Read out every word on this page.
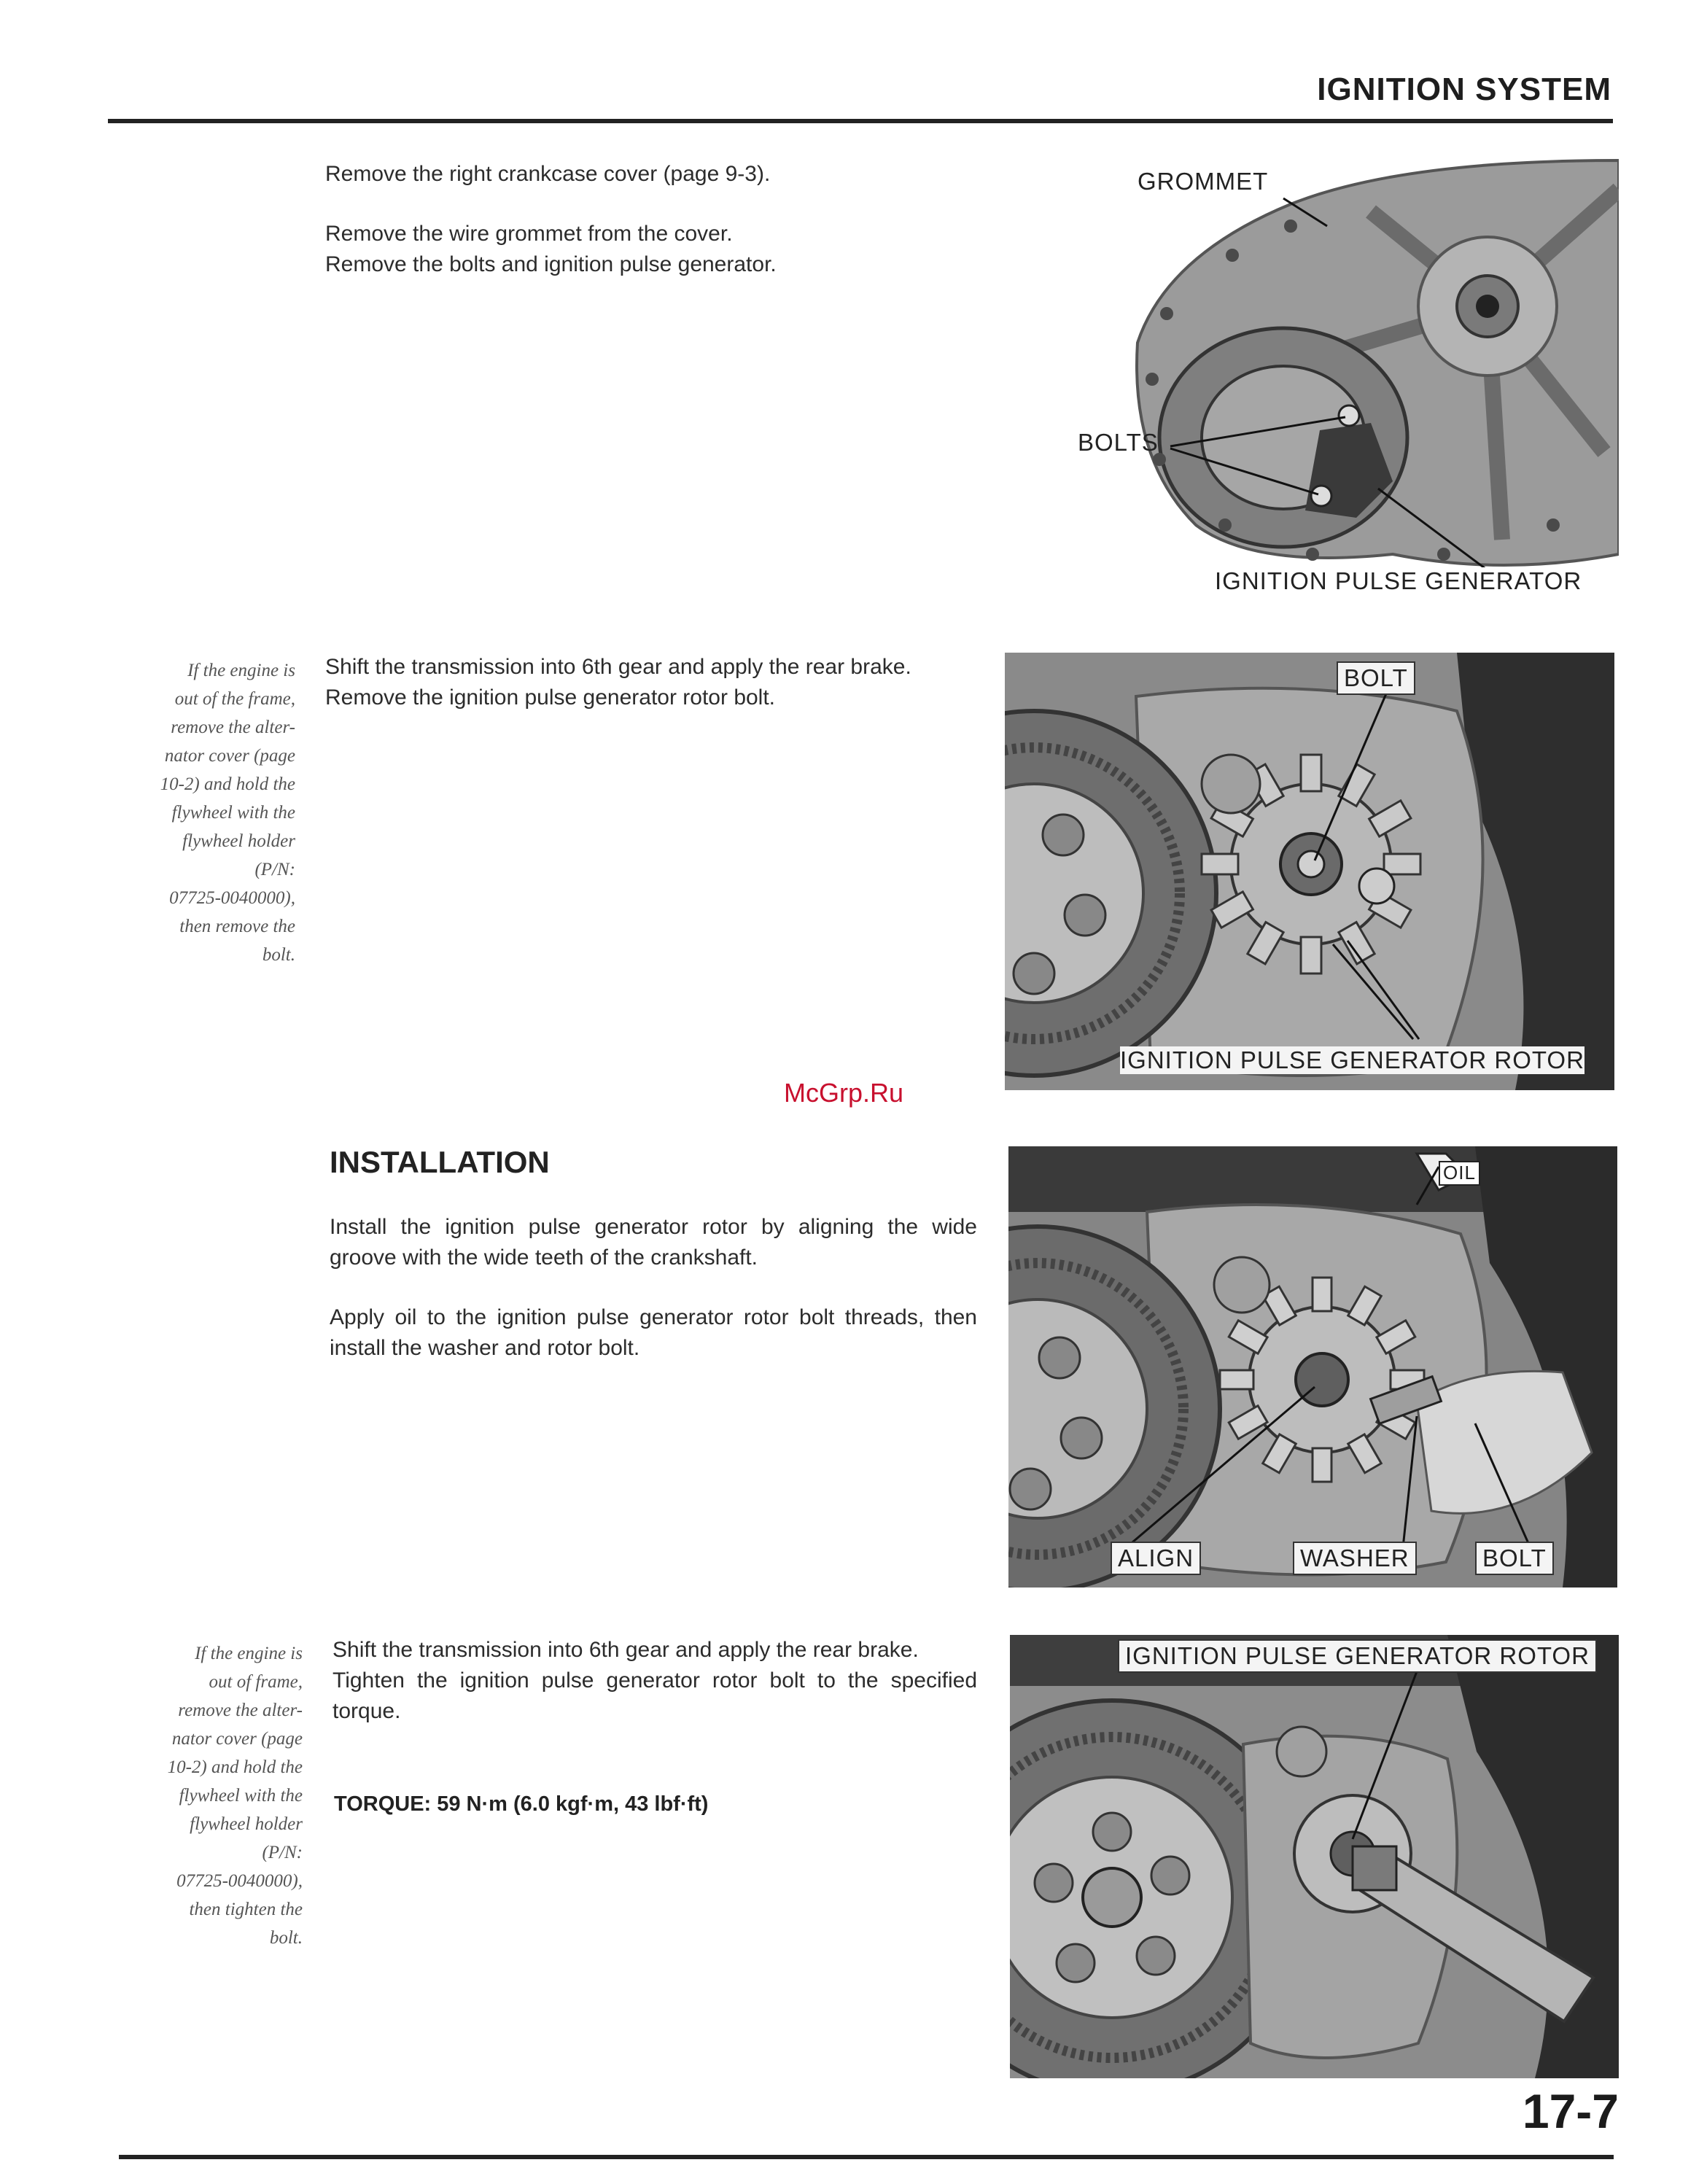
IGNITION SYSTEM

Remove the right crankcase cover (page 9-3).

Remove the wire grommet from the cover.

Remove the bolts and ignition pulse generator.

GROMMET
BOLTS
IGNITION PULSE GENERATOR
If the engine is
out of the frame,
remove the alter-
nator cover (page
10-2) and hold the
flywheel with the
flywheel holder
(P/N:
07725-0040000),
then remove the
bolt.

Shift the transmission into 6th gear and apply the rear brake.

Remove the ignition pulse generator rotor bolt.

BOLT
IGNITION PULSE GENERATOR ROTOR
McGrp.Ru
INSTALLATION

Install the ignition pulse generator rotor by aligning the wide groove with the wide teeth of the crankshaft.

Apply oil to the ignition pulse generator rotor bolt threads, then install the washer and rotor bolt.

OIL
ALIGN	WASHER	BOLT
If the engine is
out of frame,
remove the alter-
nator cover (page
10-2) and hold the
flywheel with the
flywheel holder
(P/N:
07725-0040000),
then tighten the
bolt.

Shift the transmission into 6th gear and apply the rear brake.

Tighten the ignition pulse generator rotor bolt to the specified torque.

TORQUE: 59 N·m (6.0 kgf·m, 43 lbf·ft)
IGNITION PULSE GENERATOR ROTOR
17-7
